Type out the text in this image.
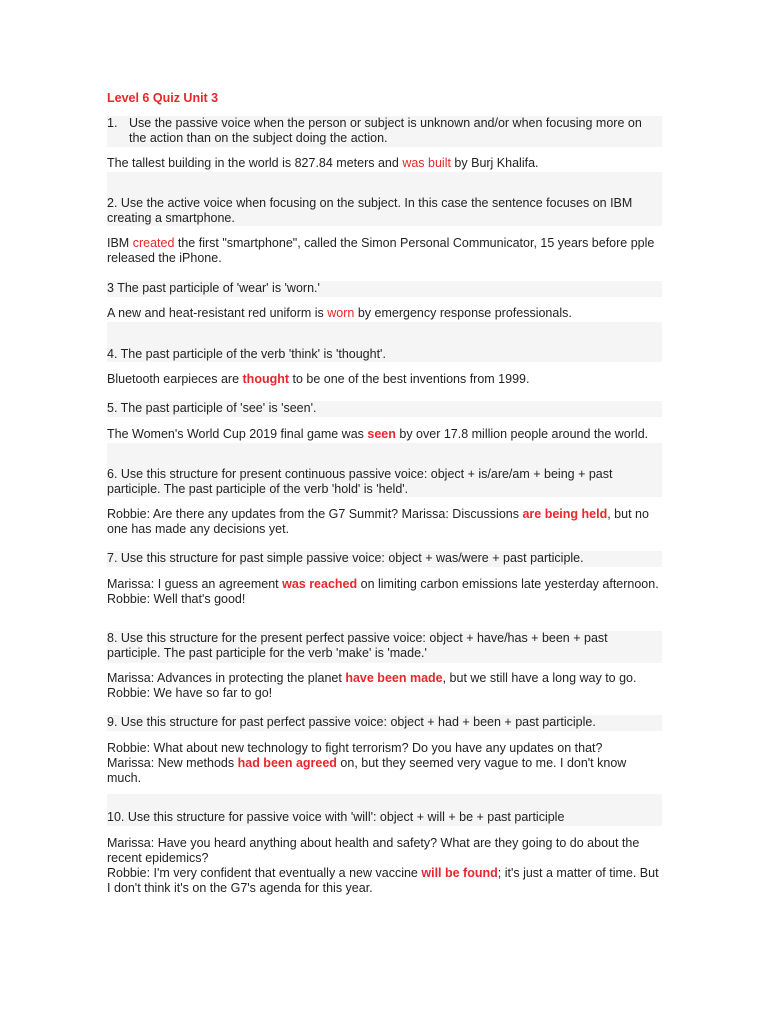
Level 6 Quiz Unit 3
1. Use the passive voice when the person or subject is unknown and/or when focusing more on the action than on the subject doing the action.
The tallest building in the world is 827.84 meters and was built by Burj Khalifa.
2. Use the active voice when focusing on the subject. In this case the sentence focuses on IBM creating a smartphone.
IBM created the first "smartphone", called the Simon Personal Communicator, 15 years before pple released the iPhone.
3 The past participle of 'wear' is 'worn.'
A new and heat-resistant red uniform is worn by emergency response professionals.
4. The past participle of the verb 'think' is 'thought'.
Bluetooth earpieces are thought to be one of the best inventions from 1999.
5. The past participle of 'see' is 'seen'.
The Women's World Cup 2019 final game was seen by over 17.8 million people around the world.
6. Use this structure for present continuous passive voice: object + is/are/am + being + past participle. The past participle of the verb 'hold' is 'held'.
Robbie: Are there any updates from the G7 Summit? Marissa: Discussions are being held, but no one has made any decisions yet.
7. Use this structure for past simple passive voice: object + was/were + past participle.
Marissa: I guess an agreement was reached on limiting carbon emissions late yesterday afternoon.
Robbie: Well that's good!
8. Use this structure for the present perfect passive voice: object + have/has + been + past participle. The past participle for the verb 'make' is 'made.'
Marissa: Advances in protecting the planet have been made, but we still have a long way to go.
Robbie: We have so far to go!
9. Use this structure for past perfect passive voice: object + had + been + past participle.
Robbie: What about new technology to fight terrorism? Do you have any updates on that?
Marissa: New methods had been agreed on, but they seemed very vague to me. I don't know much.
10. Use this structure for passive voice with 'will': object + will + be + past participle
Marissa: Have you heard anything about health and safety? What are they going to do about the recent epidemics?
Robbie: I'm very confident that eventually a new vaccine will be found; it's just a matter of time. But I don't think it's on the G7's agenda for this year.
